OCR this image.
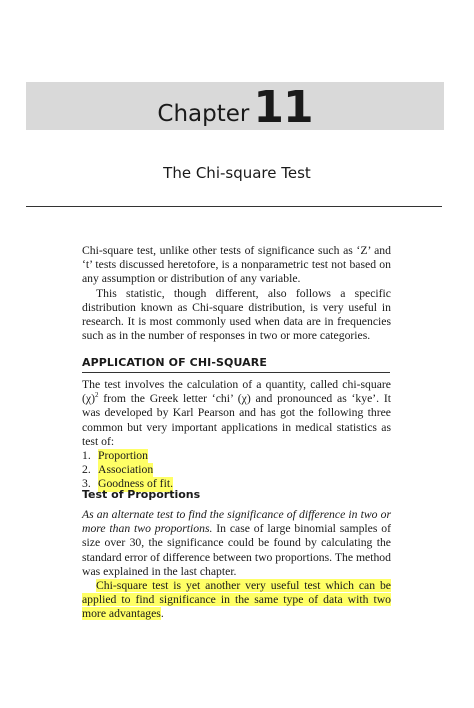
Chapter 11
The Chi-square Test

Chi-square test, unlike other tests of significance such as ‘Z’ and ‘t’ tests discussed heretofore, is a nonparametric test not based on any assumption or distribution of any variable.

This statistic, though different, also follows a specific distribution known as Chi-square distribution, is very useful in research. It is most commonly used when data are in frequencies such as in the number of responses in two or more categories.

APPLICATION OF CHI-SQUARE

The test involves the calculation of a quantity, called chi-square $(\chi)^2$ from the Greek letter ‘chi’ (χ) and pronounced as ‘kye’. It was developed by Karl Pearson and has got the following three common but very important applications in medical statistics as test of:

1. Proportion
2. Association
3. Goodness of fit.
Test of Proportions

As an alternate test to find the significance of difference in two or more than two proportions. In case of large binomial samples of size over 30, the significance could be found by calculating the standard error of difference between two proportions. The method was explained in the last chapter.

Chi-square test is yet another very useful test which can be applied to find significance in the same type of data with two more advantages.
